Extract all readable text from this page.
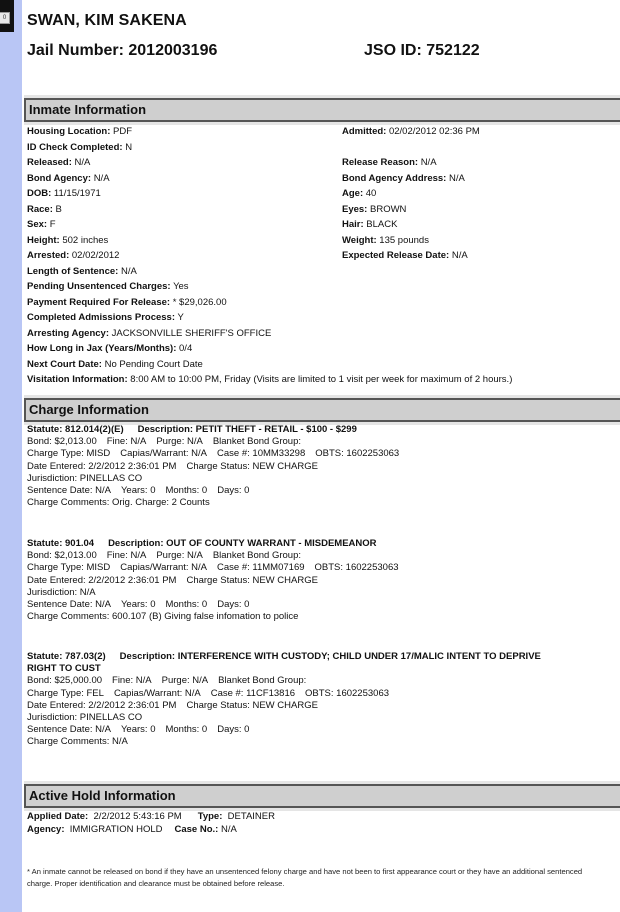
0 SWAN, KIM SAKENA
Jail Number: 2012003196	JSO ID: 752122
Inmate Information
Housing Location: PDF
ID Check Completed: N
Released: N/A
Bond Agency: N/A
DOB: 11/15/1971
Race: B
Sex: F
Height: 502 inches
Admitted: 02/02/2012 02:36 PM
Release Reason: N/A
Bond Agency Address: N/A
Age: 40
Eyes: BROWN
Hair: BLACK
Weight: 135 pounds
Expected Release Date: N/A
Arrested: 02/02/2012
Length of Sentence: N/A
Pending Unsentenced Charges: Yes
Payment Required For Release: * $29,026.00
Completed Admissions Process: Y
Arresting Agency: JACKSONVILLE SHERIFF'S OFFICE
How Long in Jax (Years/Months): 0/4
Next Court Date: No Pending Court Date
Visitation Information: 8:00 AM to 10:00 PM, Friday (Visits are limited to 1 visit per week for maximum of 2 hours.)
Charge Information
Statute: 812.014(2)(E) Description: PETIT THEFT - RETAIL - $100 - $299
Bond: $2,013.00 Fine: N/A Purge: N/A Blanket Bond Group:
Charge Type: MISD Capias/Warrant: N/A Case #: 10MM33298 OBTS: 1602253063
Date Entered: 2/2/2012 2:36:01 PM Charge Status: NEW CHARGE
Jurisdiction: PINELLAS CO
Sentence Date: N/A Years: 0 Months: 0 Days: 0
Charge Comments: Orig. Charge: 2 Counts
Statute: 901.04 Description: OUT OF COUNTY WARRANT - MISDEMEANOR
Bond: $2,013.00 Fine: N/A Purge: N/A Blanket Bond Group:
Charge Type: MISD Capias/Warrant: N/A Case #: 11MM07169 OBTS: 1602253063
Date Entered: 2/2/2012 2:36:01 PM Charge Status: NEW CHARGE
Jurisdiction: N/A
Sentence Date: N/A Years: 0 Months: 0 Days: 0
Charge Comments: 600.107 (B) Giving false infomation to police
Statute: 787.03(2) Description: INTERFERENCE WITH CUSTODY; CHILD UNDER 17/MALIC INTENT TO DEPRIVE RIGHT TO CUST
Bond: $25,000.00 Fine: N/A Purge: N/A Blanket Bond Group:
Charge Type: FEL Capias/Warrant: N/A Case #: 11CF13816 OBTS: 1602253063
Date Entered: 2/2/2012 2:36:01 PM Charge Status: NEW CHARGE
Jurisdiction: PINELLAS CO
Sentence Date: N/A Years: 0 Months: 0 Days: 0
Charge Comments: N/A
Active Hold Information
Applied Date: 2/2/2012 5:43:16 PM Type: DETAINER
Agency: IMMIGRATION HOLD Case No.: N/A
* An inmate cannot be released on bond if they have an unsentenced felony charge and have not been to first appearance court or they have an additional sentenced charge. Proper identification and clearance must be obtained before release.
